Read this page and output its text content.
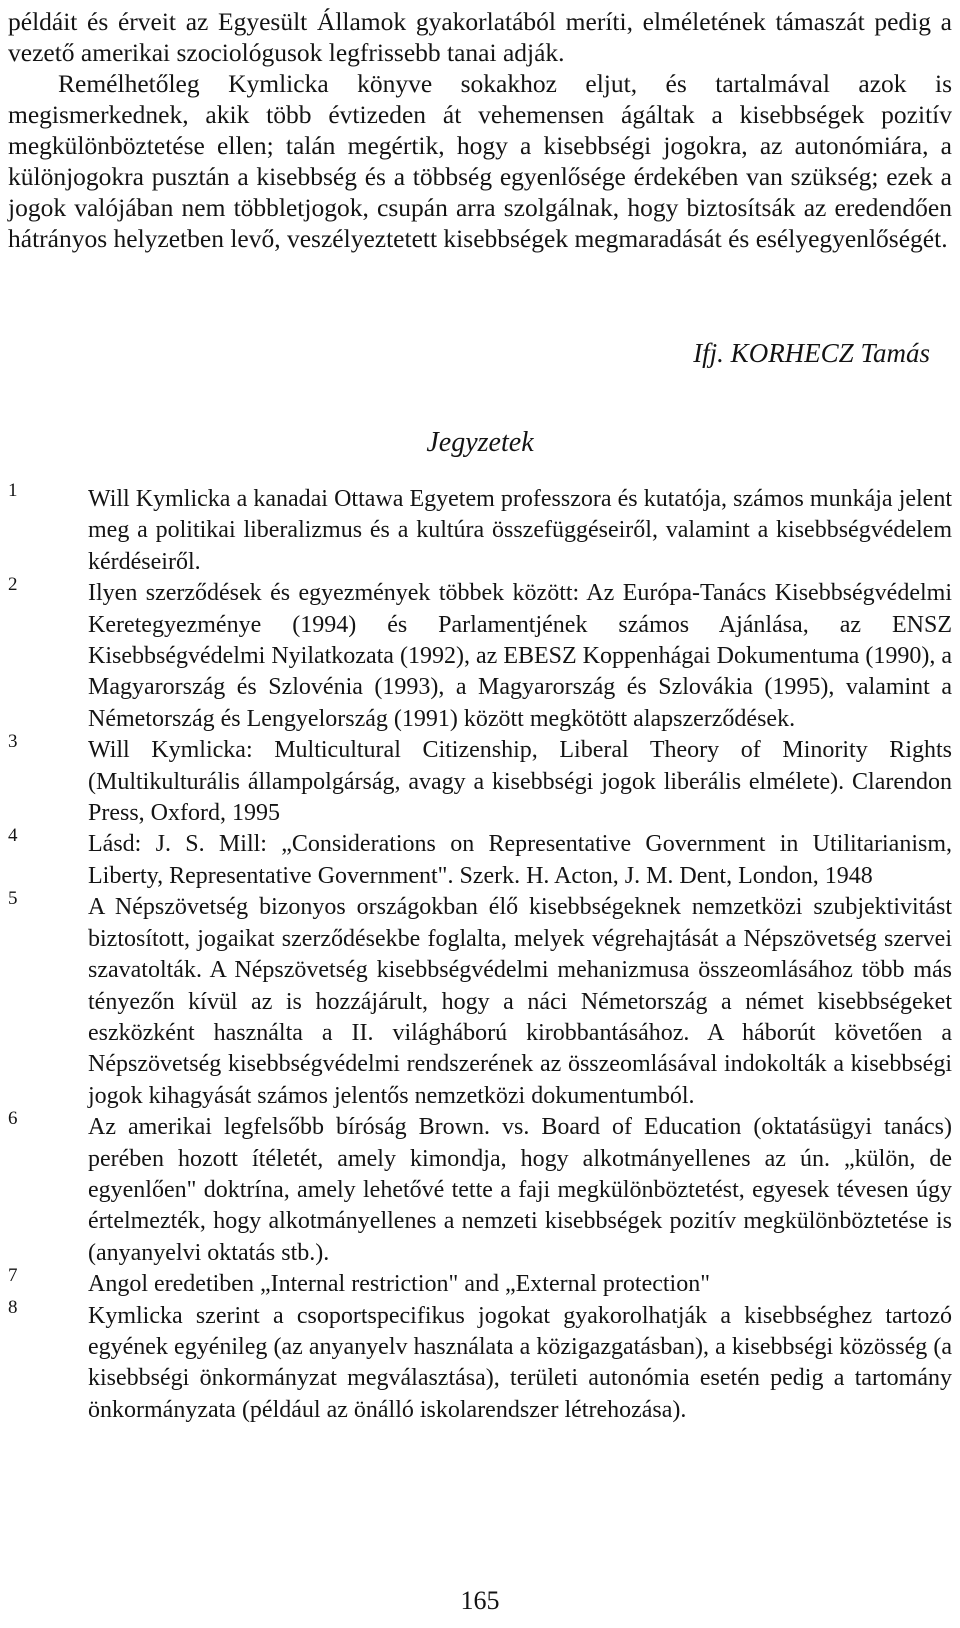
példáit és érveit az Egyesült Államok gyakorlatából meríti, elméletének támaszát pedig a vezető amerikai szociológusok legfrissebb tanai adják.
Remélhetőleg Kymlicka könyve sokakhoz eljut, és tartalmával azok is megismerkednek, akik több évtizeden át vehemensen ágáltak a kisebbségek pozitív megkülönböztetése ellen; talán megértik, hogy a kisebbségi jogokra, az autonómiára, a különjogokra pusztán a kisebbség és a többség egyenlősége érdekében van szükség; ezek a jogok valójában nem többletjogok, csupán arra szolgálnak, hogy biztosítsák az eredendően hátrányos helyzetben levő, veszélyeztetett kisebbségek megmaradását és esélyegyenlőségét.

Ifj. KORHECZ Tamás

Jegyzetek
1	Will Kymlicka a kanadai Ottawa Egyetem professzora és kutatója, számos munkája jelent meg a politikai liberalizmus és a kultúra összefüggéseiről, valamint a kisebbségvédelem kérdéseiről.
2	Ilyen szerződések és egyezmények többek között: Az Európa-Tanács Kisebbségvédelmi Keretegyezménye (1994) és Parlamentjének számos Ajánlása, az ENSZ Kisebbségvédelmi Nyilatkozata (1992), az EBESZ Koppenhágai Dokumentuma (1990), a Magyarország és Szlovénia (1993), a Magyarország és Szlovákia (1995), valamint a Németország és Lengyelország (1991) között megkötött alapszerződések.
3	Will Kymlicka: Multicultural Citizenship, Liberal Theory of Minority Rights (Multikulturális állampolgárság, avagy a kisebbségi jogok liberális elmélete). Clarendon Press, Oxford, 1995
4	Lásd: J. S. Mill: „Considerations on Representative Government in Utilitarianism, Liberty, Representative Government". Szerk. H. Acton, J. M. Dent, London, 1948
5	A Népszövetség bizonyos országokban élő kisebbségeknek nemzetközi szubjektivitást biztosított, jogaikat szerződésekbe foglalta, melyek végrehajtását a Népszövetség szervei szavatolták. A Népszövetség kisebbségvédelmi mehanizmusa összeomlásához több más tényezőn kívül az is hozzájárult, hogy a náci Németország a német kisebbségeket eszközként használta a II. világháború kirobbantásához. A háborút követően a Népszövetség kisebbségvédelmi rendszerének az összeomlásával indokolták a kisebbségi jogok kihagyását számos jelentős nemzetközi dokumentumból.
6	Az amerikai legfelsőbb bíróság Brown. vs. Board of Education (oktatásügyi tanács) perében hozott ítéletét, amely kimondja, hogy alkotmányellenes az ún. „külön, de egyenlően" doktrína, amely lehetővé tette a faji megkülönböztetést, egyesek tévesen úgy értelmezték, hogy alkotmányellenes a nemzeti kisebbségek pozitív megkülönböztetése is (anyanyelvi oktatás stb.).
7	Angol eredetiben „Internal restriction" and „External protection"
8	Kymlicka szerint a csoportspecifikus jogokat gyakorolhatják a kisebbséghez tartozó egyének egyénileg (az anyanyelv használata a közigazgatásban), a kisebbségi közösség (a kisebbségi önkormányzat megválasztása), területi autonómia esetén pedig a tartomány önkormányzata (például az önálló iskolarendszer létrehozása).

165
